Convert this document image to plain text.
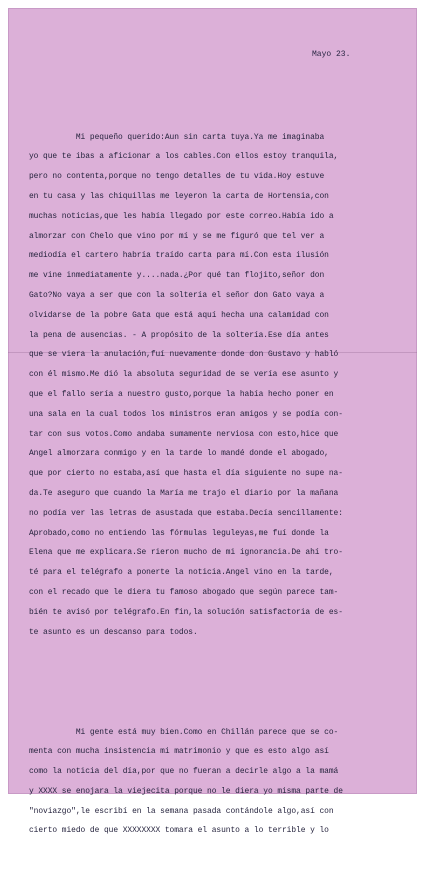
Mayo 23.

Mi pequeño querido:Aun sin carta tuya.Ya me imaginaba
yo que te ibas a aficionar a los cables.Con ellos estoy tranquila,
pero no contenta,porque no tengo detalles de tu vida.Hoy estuve
en tu casa y las chiquillas me leyeron la carta de Hortensia,con
muchas noticias,que les había llegado por este correo.Había ido a
almorzar con Chelo que vino por mí y se me figuró que tel ver a
mediodía el cartero habría traído carta para mí.Con esta ilusión
me vine inmediatamente y....nada.¿Por qué tan flojito,señor don
Gato?No vaya a ser que con la soltería el señor don Gato vaya a
olvidarse de la pobre Gata que está aquí hecha una calamidad con
la pena de ausencias. - A propósito de la soltería.Ese día antes
que se viera la anulación,fuí nuevamente donde don Gustavo y habló
con él mismo.Me dió la absoluta seguridad de se vería ese asunto y
que el fallo sería a nuestro gusto,porque la había hecho poner en
una sala en la cual todos los ministros eran amigos y se podía con-
tar con sus votos.Como andaba sumamente nerviosa con esto,hice que
Angel almorzara conmigo y en la tarde lo mandé donde el abogado,
que por cierto no estaba,así que hasta el día siguiente no supe na-
da.Te aseguro que cuando la María me trajo el diario por la mañana
no podía ver las letras de asustada que estaba.Decía sencillamente:
Aprobado,como no entiendo las fórmulas leguleyas,me fuí donde la
Elena que me explicara.Se rieron mucho de mi ignorancia.De ahí tro-
té para el telégrafo a ponerte la noticia.Angel vino en la tarde,
con el recado que le diera tu famoso abogado que según parece tam-
bién te avisó por telégrafo.En fin,la solución satisfactoria de es-
te asunto es un descanso para todos.

Mi gente está muy bien.Como en Chillán parece que se co-
menta con mucha insistencia mi matrimonio y que es esto algo así
como la noticia del día,por que no fueran a decirle algo a la mamá
y XXXX se enojara la viejecita porque no le diera yo misma parte de
"noviazgo",le escribí en la semana pasada contándole algo,así con
cierto miedo de que XXXXXXXX tomara el asunto a lo terrible y lo
